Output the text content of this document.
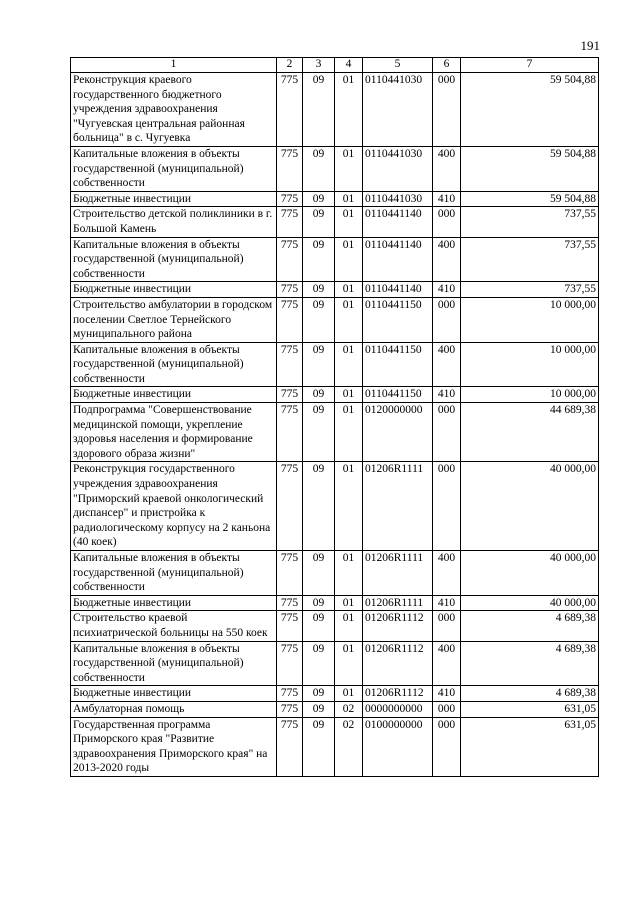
191
1	2	3	4	5	6	7
Реконструкция краевого государственного бюджетного учреждения здравоохранения "Чугуевская центральная районная больница" в с. Чугуевка	775	09	01	0110441030	000	59 504,88
Капитальные вложения в объекты государственной (муниципальной) собственности	775	09	01	0110441030	400	59 504,88
Бюджетные инвестиции	775	09	01	0110441030	410	59 504,88
Строительство детской поликлиники в г. Большой Камень	775	09	01	0110441140	000	737,55
Капитальные вложения в объекты государственной (муниципальной) собственности	775	09	01	0110441140	400	737,55
Бюджетные инвестиции	775	09	01	0110441140	410	737,55
Строительство амбулатории в городском поселении Светлое Тернейского муниципального района	775	09	01	0110441150	000	10 000,00
Капитальные вложения в объекты государственной (муниципальной) собственности	775	09	01	0110441150	400	10 000,00
Бюджетные инвестиции	775	09	01	0110441150	410	10 000,00
Подпрограмма "Совершенствование медицинской помощи, укрепление здоровья населения и формирование здорового образа жизни"	775	09	01	0120000000	000	44 689,38
Реконструкция государственного учреждения здравоохранения "Приморский краевой онкологический диспансер" и пристройка к радиологическому корпусу на 2 каньона (40 коек)	775	09	01	01206R1111	000	40 000,00
Капитальные вложения в объекты государственной (муниципальной) собственности	775	09	01	01206R1111	400	40 000,00
Бюджетные инвестиции	775	09	01	01206R1111	410	40 000,00
Строительство краевой психиатрической больницы на 550 коек	775	09	01	01206R1112	000	4 689,38
Капитальные вложения в объекты государственной (муниципальной) собственности	775	09	01	01206R1112	400	4 689,38
Бюджетные инвестиции	775	09	01	01206R1112	410	4 689,38
Амбулаторная помощь	775	09	02	0000000000	000	631,05
Государственная программа Приморского края "Развитие здравоохранения Приморского края" на 2013-2020 годы	775	09	02	0100000000	000	631,05
